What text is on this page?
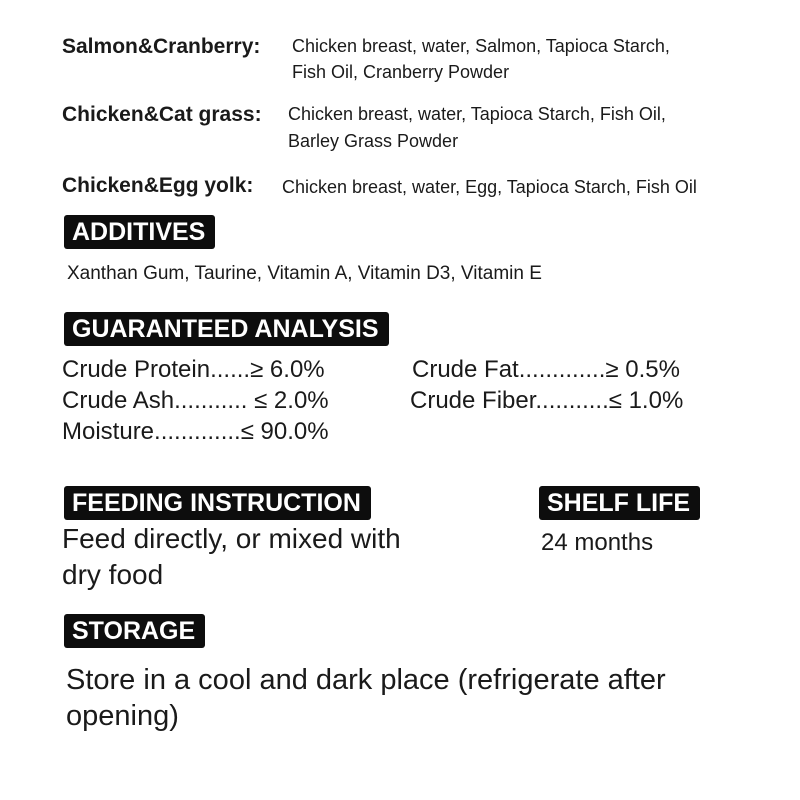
Salmon&Cranberry: Chicken breast, water, Salmon, Tapioca Starch,
Fish Oil, Cranberry Powder
Chicken&Cat grass: Chicken breast, water, Tapioca Starch, Fish Oil,
Barley Grass Powder
Chicken&Egg yolk: Chicken breast, water, Egg, Tapioca Starch, Fish Oil
ADDITIVES
Xanthan Gum, Taurine, Vitamin A, Vitamin D3, Vitamin E
GUARANTEED ANALYSIS
Crude Protein......≥ 6.0%
Crude Ash........... ≤ 2.0%
Moisture.............≤ 90.0%
Crude Fat.............≥ 0.5%
Crude Fiber...........≤ 1.0%
FEEDING INSTRUCTION
Feed directly, or mixed with
dry food
SHELF LIFE
24 months
STORAGE
Store in a cool and dark place (refrigerate after
opening)
